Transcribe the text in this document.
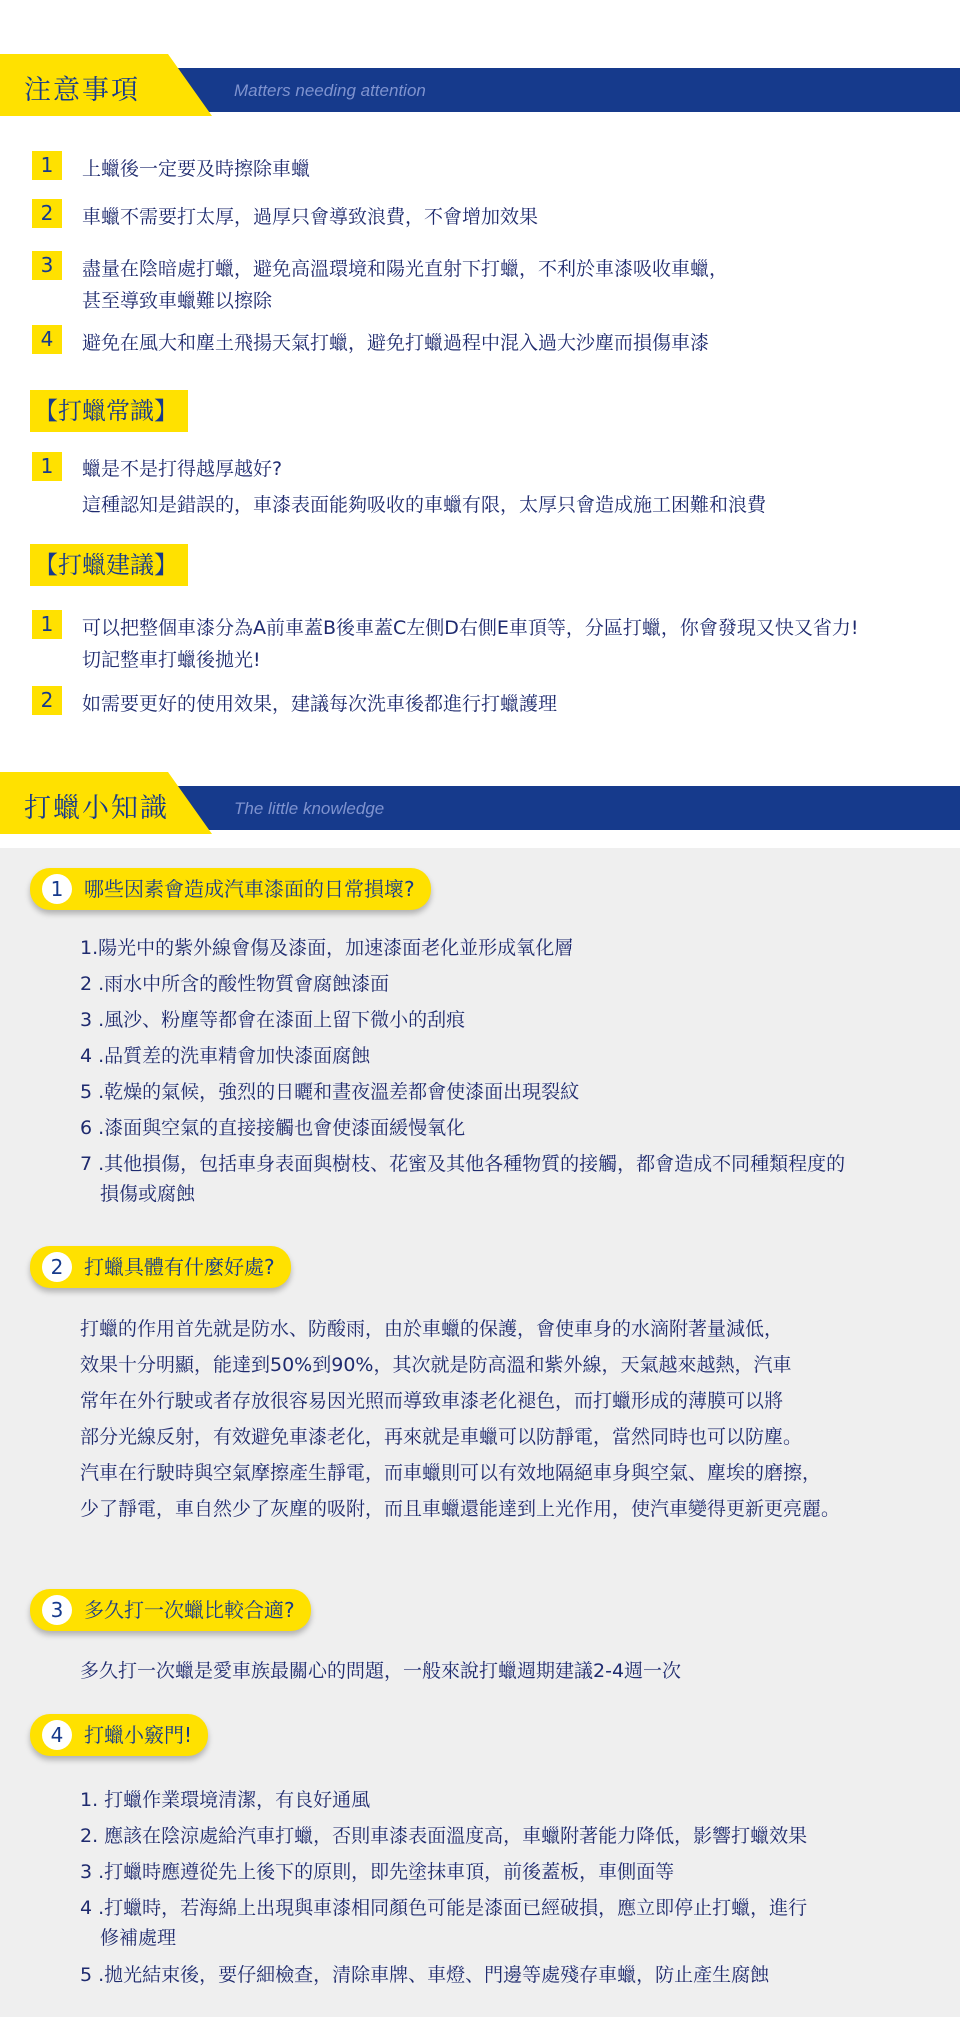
注意事項	Matters needing attention
1	上蠟後一定要及時擦除車蠟
2	車蠟不需要打太厚，過厚只會導致浪費，不會增加效果
3	盡量在陰暗處打蠟，避免高溫環境和陽光直射下打蠟，不利於車漆吸收車蠟，
甚至導致車蠟難以擦除
4	避免在風大和塵土飛揚天氣打蠟，避免打蠟過程中混入過大沙塵而損傷車漆
【打蠟常識】
1	蠟是不是打得越厚越好?
這種認知是錯誤的，車漆表面能夠吸收的車蠟有限，太厚只會造成施工困難和浪費
【打蠟建議】
1	可以把整個車漆分為A前車蓋B後車蓋C左側D右側E車頂等，分區打蠟，你會發現又快又省力!
切記整車打蠟後拋光!
2	如需要更好的使用效果，建議每次洗車後都進行打蠟護理
打蠟小知識	The little knowledge
1	哪些因素會造成汽車漆面的日常損壞?
1.陽光中的紫外線會傷及漆面，加速漆面老化並形成氧化層
2 .雨水中所含的酸性物質會腐蝕漆面
3 .風沙、粉塵等都會在漆面上留下微小的刮痕
4 .品質差的洗車精會加快漆面腐蝕
5 .乾燥的氣候，強烈的日曬和晝夜溫差都會使漆面出現裂紋
6 .漆面與空氣的直接接觸也會使漆面緩慢氧化
7 .其他損傷，包括車身表面與樹枝、花蜜及其他各種物質的接觸，都會造成不同種類程度的
損傷或腐蝕
2	打蠟具體有什麼好處?
打蠟的作用首先就是防水、防酸雨，由於車蠟的保護，會使車身的水滴附著量減低，
效果十分明顯，能達到50%到90%，其次就是防高溫和紫外線，天氣越來越熱，汽車
常年在外行駛或者存放很容易因光照而導致車漆老化褪色，而打蠟形成的薄膜可以將
部分光線反射，有效避免車漆老化，再來就是車蠟可以防靜電，當然同時也可以防塵。
汽車在行駛時與空氣摩擦產生靜電，而車蠟則可以有效地隔絕車身與空氣、塵埃的磨擦，
少了靜電，車自然少了灰塵的吸附，而且車蠟還能達到上光作用，使汽車變得更新更亮麗。
3	多久打一次蠟比較合適?
多久打一次蠟是愛車族最關心的問題，一般來說打蠟週期建議2-4週一次
4	打蠟小竅門!
1. 打蠟作業環境清潔，有良好通風
2. 應該在陰涼處給汽車打蠟，否則車漆表面溫度高，車蠟附著能力降低，影響打蠟效果
3 .打蠟時應遵從先上後下的原則，即先塗抹車頂，前後蓋板，車側面等
4 .打蠟時，若海綿上出現與車漆相同顏色可能是漆面已經破損，應立即停止打蠟，進行
修補處理
5 .拋光結束後，要仔細檢查，清除車牌、車燈、門邊等處殘存車蠟，防止產生腐蝕
